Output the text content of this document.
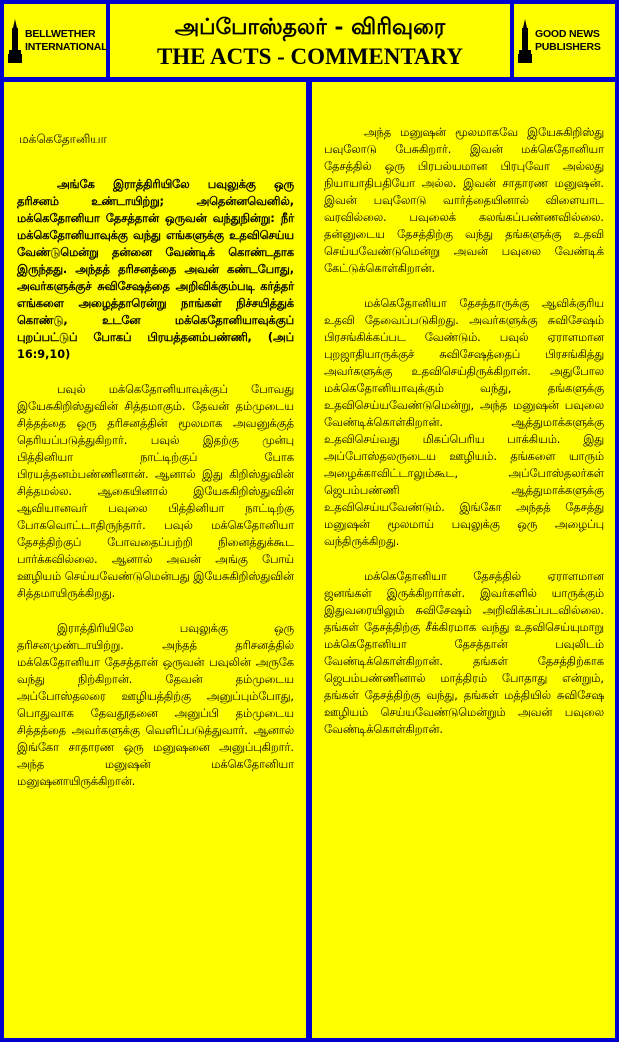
BELLWETHER
INTERNATIONAL
அப்போஸ்தலர் - விரிவுரை
THE ACTS - COMMENTARY
GOOD NEWS
PUBLISHERS
மக்கெதோனியா

அங்கே இராத்திரியிலே பவுலுக்கு ஒரு தரிசனம் உண்டாயிற்று; அதென்னவெனில், மக்கெதோனியா தேசத்தான் ஒருவன் வந்துநின்று: நீர் மக்கெதோனியாவுக்கு வந்து எங்களுக்கு உதவிசெய்ய வேண்டுமென்று தன்னை வேண்டிக் கொண்டதாக இருந்தது. அந்தத் தரிசனத்தை அவன் கண்டபோது, அவர்களுக்குச் சுவிசேஷத்தை அறிவிக்கும்படி கர்த்தர் எங்களை அழைத்தாரென்று நாங்கள் நிச்சயித்துக் கொண்டு, உடனே மக்கெதோனியாவுக்குப் புறப்பட்டுப் போகப் பிரயத்தனம்பண்ணி, (அப் 16:9,10)

பவுல் மக்கெதோனியாவுக்குப் போவது இயேசுகிறிஸ்துவின் சித்தமாகும். தேவன் தம்முடைய சித்தத்தை ஒரு தரிசனத்தின் மூலமாக அவனுக்குத் தெரியப்படுத்துகிறார். பவுல் இதற்கு முன்பு பித்தினியா நாட்டிற்குப் போக பிரயத்தனம்பண்ணினான். ஆனால் இது கிறிஸ்துவின் சித்தமல்ல. ஆகையினால் இயேசுகிறிஸ்துவின் ஆவியானவர் பவுலை பித்தினியா நாட்டிற்கு போகவொட்டாதிருந்தார். பவுல் மக்கெதோனியா தேசத்திற்குப் போவதைப்பற்றி நினைத்துக்கூட பார்க்கவில்லை. ஆனால் அவன் அங்கு போய் ஊழியம் செய்யவேண்டுமென்பது இயேசுகிறிஸ்துவின் சித்தமாயிருக்கிறது.

இராத்திரியிலே பவுலுக்கு ஒரு தரிசனமுண்டாயிற்று. அந்தத் தரிசனத்தில் மக்கெதோனியா தேசத்தான் ஒருவன் பவுலின் அருகே வந்து நிற்கிறான். தேவன் தம்முடைய அப்போஸ்தலரை ஊழியத்திற்கு அனுப்பும்போது, பொதுவாக தேவதூதனை அனுப்பி தம்முடைய சித்தத்தை அவர்களுக்கு வெளிப்படுத்துவார். ஆனால் இங்கோ சாதாரண ஒரு மனுஷனை அனுப்புகிறார். அந்த மனுஷன் மக்கெதோனியா மனுஷனாயிருக்கிறான்.

அந்த மனுஷன் மூலமாகவே இயேசுகிறிஸ்து பவுலோடு பேசுகிறார். இவன் மக்கெதோனியா தேசத்தில் ஒரு பிரபல்யமான பிரபுவோ அல்லது நியாயாதிபதியோ அல்ல. இவன் சாதாரண மனுஷன். இவன் பவுலோடு வார்த்தையினால் விளையாட வரவில்லை. பவுலைக் கலங்கப்பண்ணவில்லை. தன்னுடைய தேசத்திற்கு வந்து தங்களுக்கு உதவி செய்யவேண்டுமென்று அவன் பவுலை வேண்டிக் கேட்டுக்கொள்கிறான்.

மக்கெதோனியா தேசத்தாருக்கு ஆவிக்குரிய உதவி தேவைப்படுகிறது. அவர்களுக்கு சுவிசேஷம் பிரசங்கிக்கப்பட வேண்டும். பவுல் ஏராளமான புறஜாதியாருக்குச் சுவிசேஷத்தைப் பிரசங்கித்து அவர்களுக்கு உதவிசெய்திருக்கிறான். அதுபோல மக்கெதோனியாவுக்கும் வந்து, தங்களுக்கு உதவிசெய்யவேண்டுமென்று, அந்த மனுஷன் பவுலை வேண்டிக்கொள்கிறான். ஆத்துமாக்களுக்கு உதவிசெய்வது மிகப்பெரிய பாக்கியம். இது அப்போஸ்தலருடைய ஊழியம். தங்களை யாரும் அழைக்காவிட்டாலும்கூட, அப்போஸ்தலர்கள் ஜெபம்பண்ணி ஆத்துமாக்களுக்கு உதவிசெய்யவேண்டும். இங்கோ அந்தத் தேசத்து மனுஷன் மூலமாய் பவுலுக்கு ஒரு அழைப்பு வந்திருக்கிறது.

மக்கெதோனியா தேசத்தில் ஏராளமான ஜனங்கள் இருக்கிறார்கள். இவர்களில் யாருக்கும் இதுவரையிலும் சுவிசேஷம் அறிவிக்கப்படவில்லை. தங்கள் தேசத்திற்கு சீக்கிரமாக வந்து உதவிசெய்யுமாறு மக்கெதோனியா தேசத்தான் பவுலிடம் வேண்டிக்கொள்கிறான். தங்கள் தேசத்திற்காக ஜெபம்பண்ணினால் மாத்திரம் போதாது என்றும், தங்கள் தேசத்திற்கு வந்து, தங்கள் மத்தியில் சுவிசேஷ ஊழியம் செய்யவேண்டுமென்றும் அவன் பவுலை வேண்டிக்கொள்கிறான்.
